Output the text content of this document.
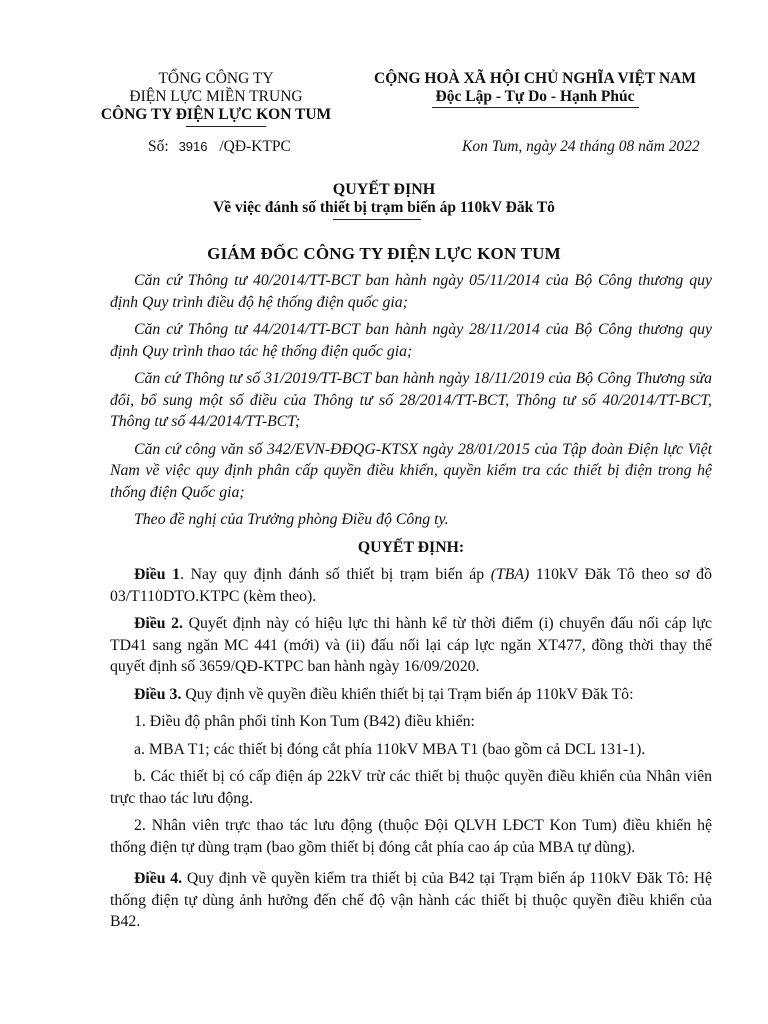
TỔNG CÔNG TY
ĐIỆN LỰC MIỀN TRUNG
CÔNG TY ĐIỆN LỰC KON TUM
CỘNG HOÀ XÃ HỘI CHỦ NGHĨA VIỆT NAM
Độc Lập - Tự Do - Hạnh Phúc
Số: 3916 /QĐ-KTPC	Kon Tum, ngày 24 tháng 08 năm 2022
QUYẾT ĐỊNH
Về việc đánh số thiết bị trạm biến áp 110kV Đăk Tô
GIÁM ĐỐC CÔNG TY ĐIỆN LỰC KON TUM

Căn cứ Thông tư 40/2014/TT-BCT ban hành ngày 05/11/2014 của Bộ Công thương quy định Quy trình điều độ hệ thống điện quốc gia;

Căn cứ Thông tư 44/2014/TT-BCT ban hành ngày 28/11/2014 của Bộ Công thương quy định Quy trình thao tác hệ thống điện quốc gia;

Căn cứ Thông tư số 31/2019/TT-BCT ban hành ngày 18/11/2019 của Bộ Công Thương sửa đổi, bổ sung một số điều của Thông tư số 28/2014/TT-BCT, Thông tư số 40/2014/TT-BCT, Thông tư số 44/2014/TT-BCT;

Căn cứ công văn số 342/EVN-ĐĐQG-KTSX ngày 28/01/2015 của Tập đoàn Điện lực Việt Nam về việc quy định phân cấp quyền điều khiển, quyền kiểm tra các thiết bị điện trong hệ thống điện Quốc gia;

Theo đề nghị của Trưởng phòng Điều độ Công ty.

QUYẾT ĐỊNH:

Điều 1. Nay quy định đánh số thiết bị trạm biến áp (TBA) 110kV Đăk Tô theo sơ đồ 03/T110DTO.KTPC (kèm theo).

Điều 2. Quyết định này có hiệu lực thi hành kể từ thời điểm (i) chuyển đấu nối cáp lực TD41 sang ngăn MC 441 (mới) và (ii) đấu nối lại cáp lực ngăn XT477, đồng thời thay thế quyết định số 3659/QĐ-KTPC ban hành ngày 16/09/2020.

Điều 3. Quy định về quyền điều khiển thiết bị tại Trạm biến áp 110kV Đăk Tô:

1. Điều độ phân phối tỉnh Kon Tum (B42) điều khiển:

a. MBA T1; các thiết bị đóng cắt phía 110kV MBA T1 (bao gồm cả DCL 131-1).

b. Các thiết bị có cấp điện áp 22kV trừ các thiết bị thuộc quyền điều khiển của Nhân viên trực thao tác lưu động.

2. Nhân viên trực thao tác lưu động (thuộc Đội QLVH LĐCT Kon Tum) điều khiển hệ thống điện tự dùng trạm (bao gồm thiết bị đóng cắt phía cao áp của MBA tự dùng).

Điều 4. Quy định về quyền kiểm tra thiết bị của B42 tại Trạm biến áp 110kV Đăk Tô: Hệ thống điện tự dùng ảnh hưởng đến chế độ vận hành các thiết bị thuộc quyền điều khiển của B42.
